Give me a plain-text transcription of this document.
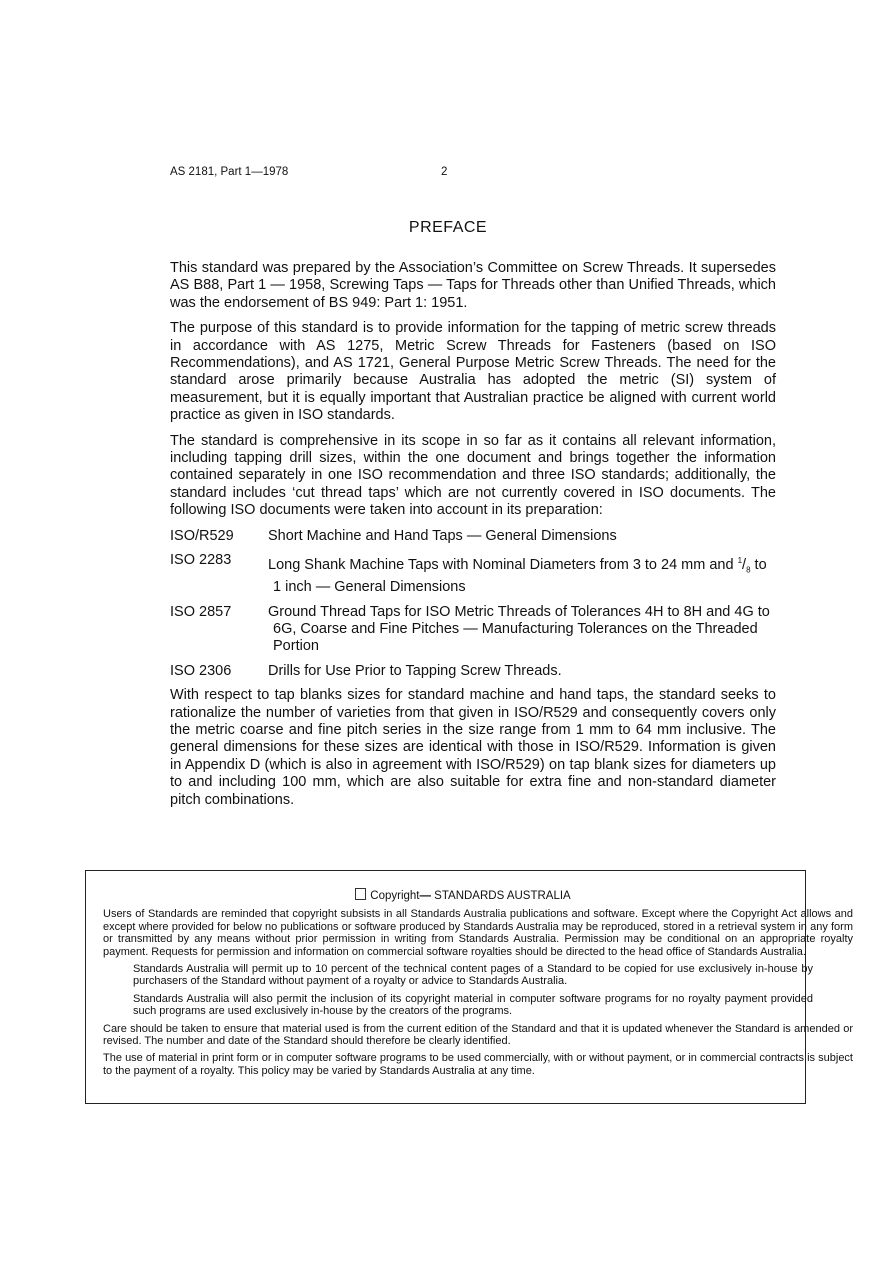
AS 2181, Part 1—1978	2
PREFACE

This standard was prepared by the Association’s Committee on Screw Threads. It supersedes AS B88, Part 1 — 1958, Screwing Taps — Taps for Threads other than Unified Threads, which was the endorsement of BS 949: Part 1: 1951.

The purpose of this standard is to provide information for the tapping of metric screw threads in accordance with AS 1275, Metric Screw Threads for Fasteners (based on ISO Recommendations), and AS 1721, General Purpose Metric Screw Threads. The need for the standard arose primarily because Australia has adopted the metric (SI) system of measurement, but it is equally important that Australian practice be aligned with current world practice as given in ISO standards.

The standard is comprehensive in its scope in so far as it contains all relevant information, including tapping drill sizes, within the one document and brings together the information contained separately in one ISO recommendation and three ISO standards; additionally, the standard includes ‘cut thread taps’ which are not currently covered in ISO documents. The following ISO documents were taken into account in its preparation:

ISO/R529	Short Machine and Hand Taps — General Dimensions
ISO 2283	Long Shank Machine Taps with Nominal Diameters from 3 to 24 mm and $^1/_8$ to 1 inch — General Dimensions
ISO 2857	Ground Thread Taps for ISO Metric Threads of Tolerances 4H to 8H and 4G to 6G, Coarse and Fine Pitches — Manufacturing Tolerances on the Threaded Portion
ISO 2306	Drills for Use Prior to Tapping Screw Threads.

With respect to tap blanks sizes for standard machine and hand taps, the standard seeks to rationalize the number of varieties from that given in ISO/R529 and consequently covers only the metric coarse and fine pitch series in the size range from 1 mm to 64 mm inclusive. The general dimensions for these sizes are identical with those in ISO/R529. Information is given in Appendix D (which is also in agreement with ISO/R529) on tap blank sizes for diameters up to and including 100 mm, which are also suitable for extra fine and non-standard diameter pitch combinations.

Copyright— STANDARDS AUSTRALIA

Users of Standards are reminded that copyright subsists in all Standards Australia publications and software. Except where the Copyright Act allows and except where provided for below no publications or software produced by Standards Australia may be reproduced, stored in a retrieval system in any form or transmitted by any means without prior permission in writing from Standards Australia. Permission may be conditional on an appropriate royalty payment. Requests for permission and information on commercial software royalties should be directed to the head office of Standards Australia.

Standards Australia will permit up to 10 percent of the technical content pages of a Standard to be copied for use exclusively in-house by purchasers of the Standard without payment of a royalty or advice to Standards Australia.

Standards Australia will also permit the inclusion of its copyright material in computer software programs for no royalty payment provided such programs are used exclusively in-house by the creators of the programs.

Care should be taken to ensure that material used is from the current edition of the Standard and that it is updated whenever the Standard is amended or revised. The number and date of the Standard should therefore be clearly identified.

The use of material in print form or in computer software programs to be used commercially, with or without payment, or in commercial contracts is subject to the payment of a royalty. This policy may be varied by Standards Australia at any time.
